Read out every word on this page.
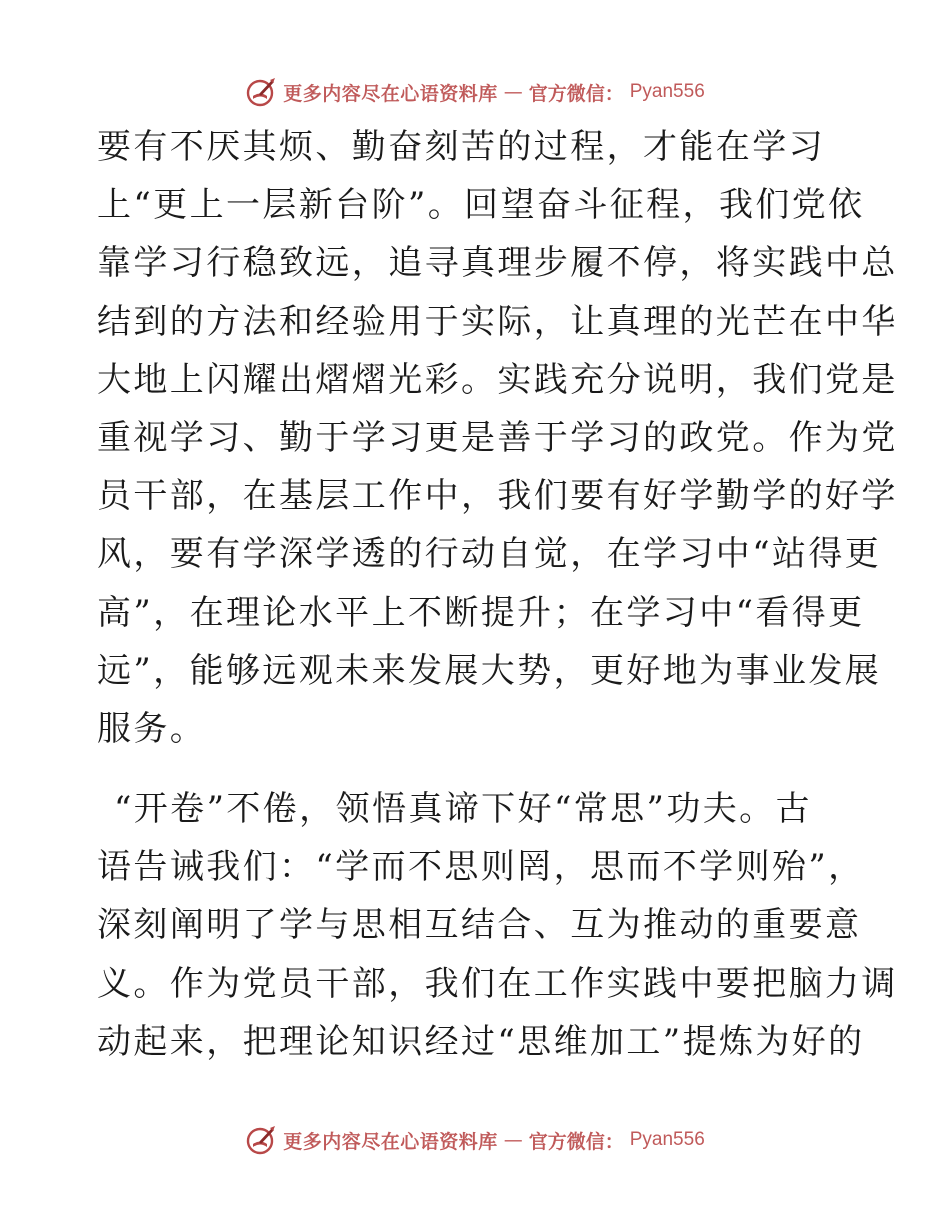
更多内容尽在心语资料库 — 官方微信： Pyan556

要有不厌其烦、勤奋刻苦的过程，才能在学习
上“更上一层新台阶”。回望奋斗征程，我们党依
靠学习行稳致远，追寻真理步履不停，将实践中总
结到的方法和经验用于实际，让真理的光芒在中华
大地上闪耀出熠熠光彩。实践充分说明，我们党是
重视学习、勤于学习更是善于学习的政党。作为党
员干部，在基层工作中，我们要有好学勤学的好学
风，要有学深学透的行动自觉，在学习中“站得更
高”，在理论水平上不断提升；在学习中“看得更
远”，能够远观未来发展大势，更好地为事业发展
服务。

“开卷”不倦，领悟真谛下好“常思”功夫。古
语告诫我们：“学而不思则罔，思而不学则殆”，
深刻阐明了学与思相互结合、互为推动的重要意
义。作为党员干部，我们在工作实践中要把脑力调
动起来，把理论知识经过“思维加工”提炼为好的

更多内容尽在心语资料库 — 官方微信： Pyan556
